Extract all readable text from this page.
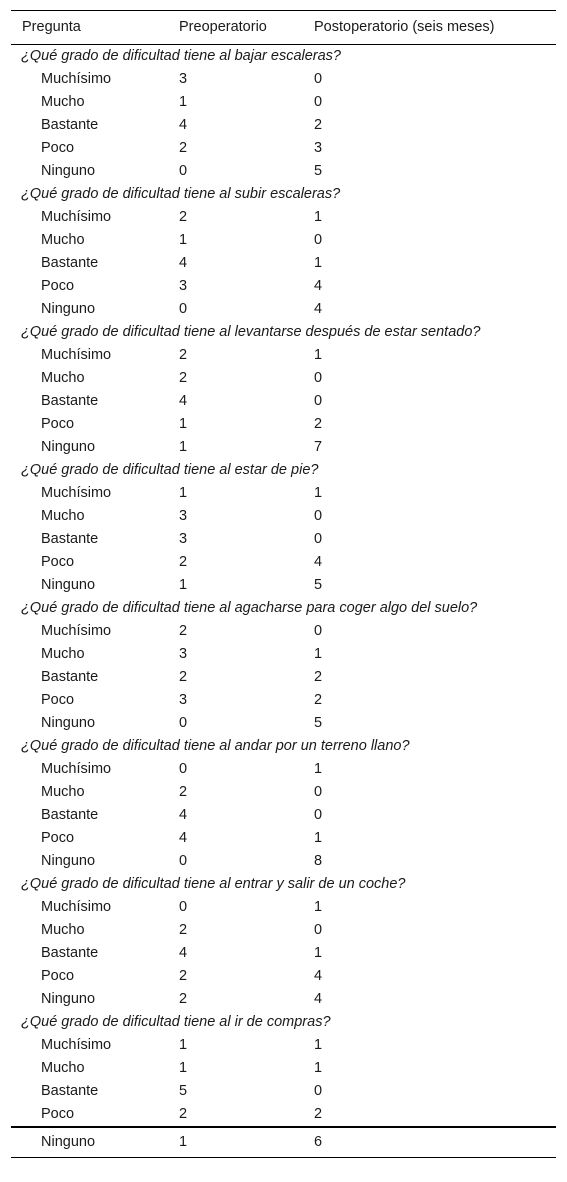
Pregunta	Preoperatorio	Postoperatorio (seis meses)
¿Qué grado de dificultad tiene al bajar escaleras?
Muchísimo	3	0
Mucho	1	0
Bastante	4	2
Poco	2	3
Ninguno	0	5
¿Qué grado de dificultad tiene al subir escaleras?
Muchísimo	2	1
Mucho	1	0
Bastante	4	1
Poco	3	4
Ninguno	0	4
¿Qué grado de dificultad tiene al levantarse después de estar sentado?
Muchísimo	2	1
Mucho	2	0
Bastante	4	0
Poco	1	2
Ninguno	1	7
¿Qué grado de dificultad tiene al estar de pie?
Muchísimo	1	1
Mucho	3	0
Bastante	3	0
Poco	2	4
Ninguno	1	5
¿Qué grado de dificultad tiene al agacharse para coger algo del suelo?
Muchísimo	2	0
Mucho	3	1
Bastante	2	2
Poco	3	2
Ninguno	0	5
¿Qué grado de dificultad tiene al andar por un terreno llano?
Muchísimo	0	1
Mucho	2	0
Bastante	4	0
Poco	4	1
Ninguno	0	8
¿Qué grado de dificultad tiene al entrar y salir de un coche?
Muchísimo	0	1
Mucho	2	0
Bastante	4	1
Poco	2	4
Ninguno	2	4
¿Qué grado de dificultad tiene al ir de compras?
Muchísimo	1	1
Mucho	1	1
Bastante	5	0
Poco	2	2
Ninguno	1	6
